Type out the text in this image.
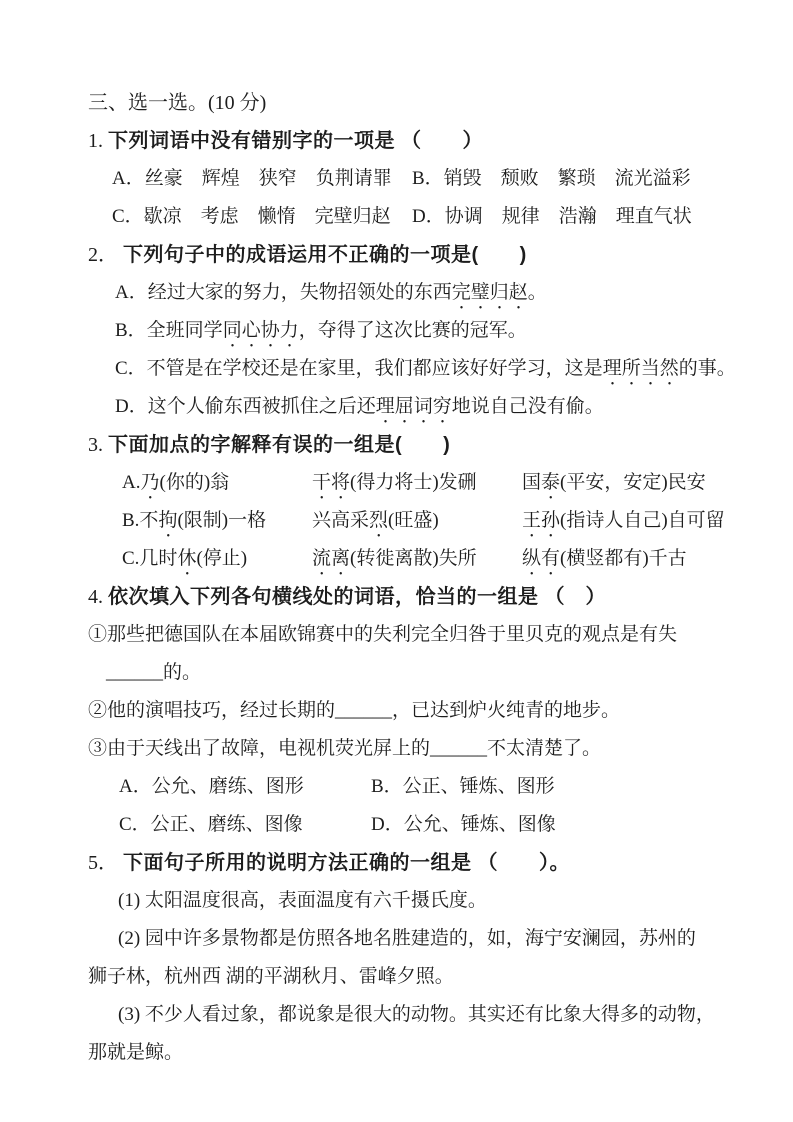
三、选一选。(10 分)
1. 下列词语中没有错别字的一项是 （　　）
A．丝豪　辉煌　狭窄　负荆请罪 B．销毁　颓败　繁琐　流光溢彩
C．歇凉　考虑　懒惰　完壁归赵 D．协调　规律　浩瀚　理直气状
2． 下列句子中的成语运用不正确的一项是(　　)
A．经过大家的努力，失物招领处的东西完璧归赵。
B．全班同学同心协力，夺得了这次比赛的冠军。
C．不管是在学校还是在家里，我们都应该好好学习，这是理所当然的事。
D．这个人偷东西被抓住之后还理屈词穷地说自己没有偷。
3. 下面加点的字解释有误的一组是(　　)
A.乃(你的)翁	干将(得力将士)发硎 国泰(平安，安定)民安
B.不拘(限制)一格 兴高采烈(旺盛)	王孙(指诗人自己)自可留
C.几时休(停止)	流离(转徙离散)失所 纵有(横竖都有)千古
4. 依次填入下列各句横线处的词语，恰当的一组是 （　）
①那些把德国队在本届欧锦赛中的失利完全归咎于里贝克的观点是有失
______的。
②他的演唱技巧，经过长期的______，已达到炉火纯青的地步。
③由于天线出了故障，电视机荧光屏上的______不太清楚了。
A．公允、磨练、图形	B．公正、锤炼、图形
C．公正、磨练、图像	D．公允、锤炼、图像
5． 下面句子所用的说明方法正确的一组是 （　　）。
(1) 太阳温度很高，表面温度有六千摄氏度。
(2) 园中许多景物都是仿照各地名胜建造的，如，海宁安澜园，苏州的
狮子林，杭州西 湖的平湖秋月、雷峰夕照。
(3) 不少人看过象，都说象是很大的动物。其实还有比象大得多的动物，
那就是鲸。
